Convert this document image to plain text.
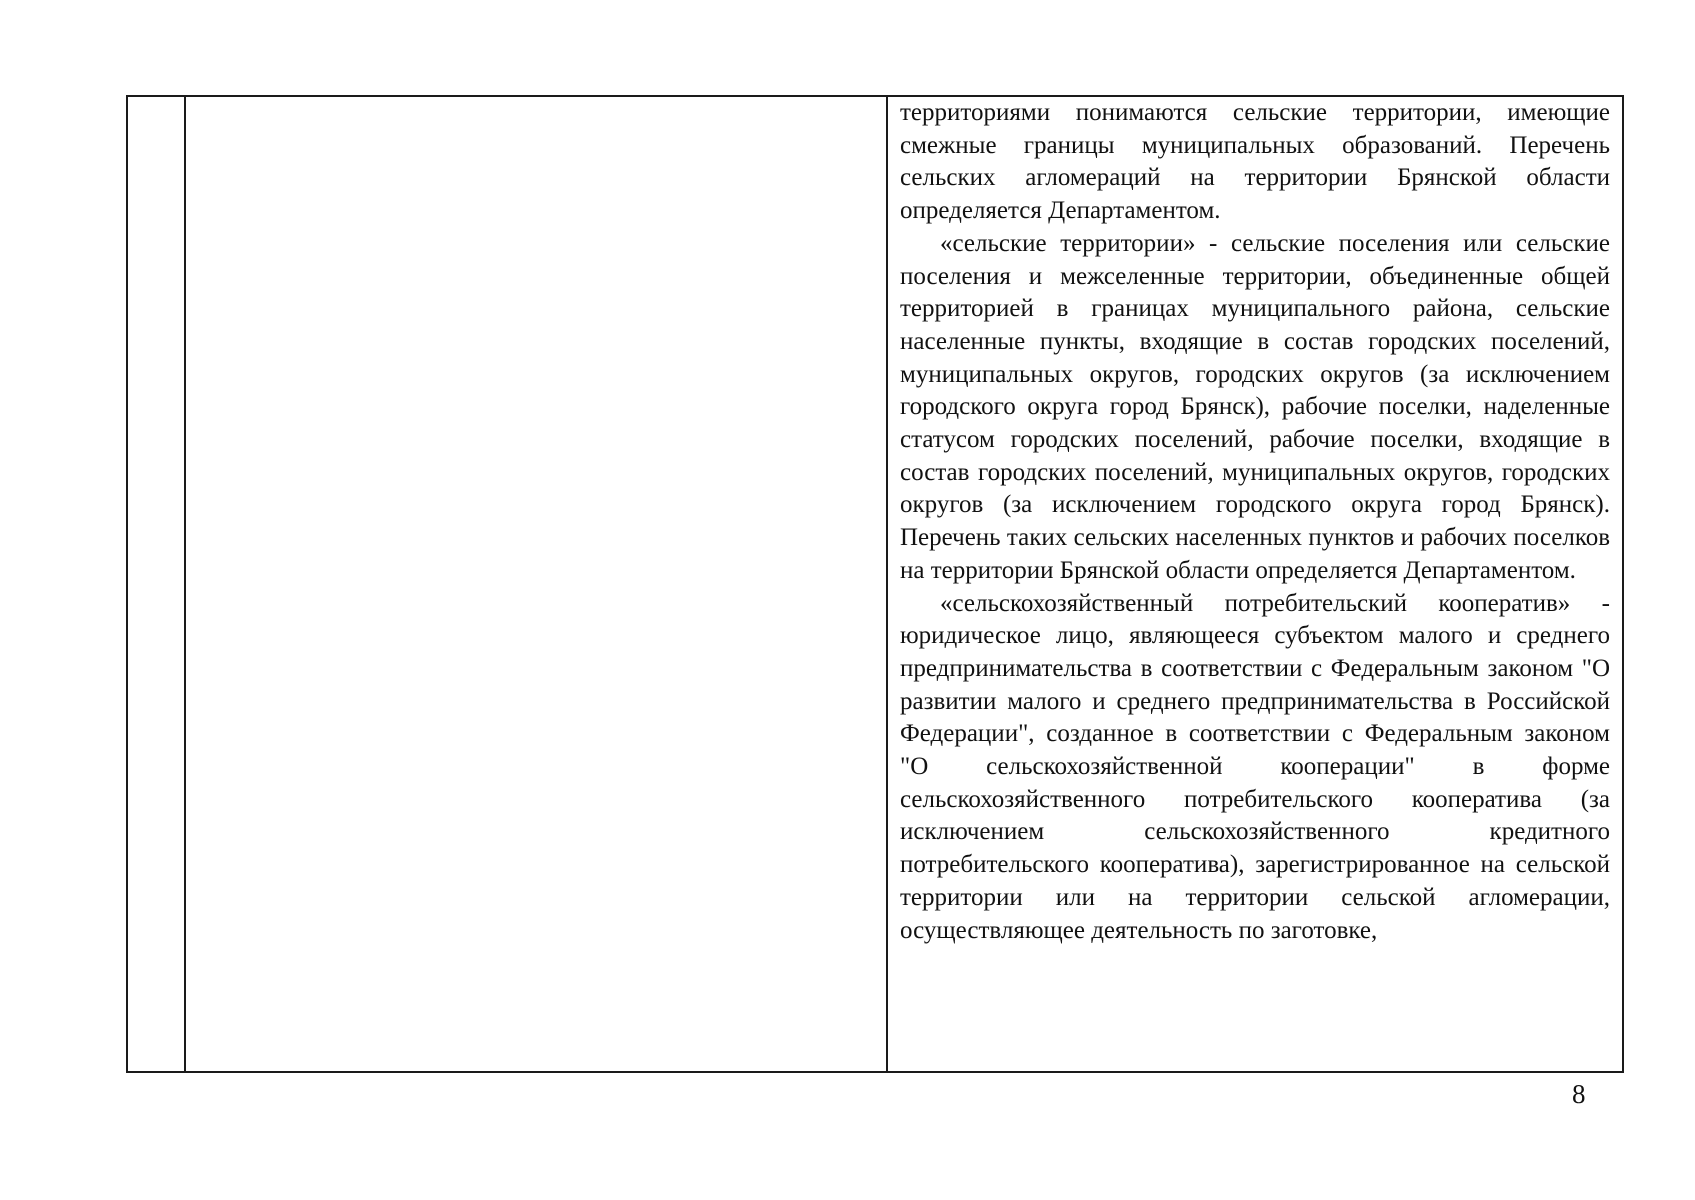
территориями понимаются сельские территории, имеющие смежные границы муниципальных образований. Перечень сельских агломераций на территории Брянской области определяется Департаментом.

«сельские территории» - сельские поселения или сельские поселения и межселенные территории, объединенные общей территорией в границах муниципального района, сельские населенные пункты, входящие в состав городских поселений, муниципальных округов, городских округов (за исключением городского округа город Брянск), рабочие поселки, наделенные статусом городских поселений, рабочие поселки, входящие в состав городских поселений, муниципальных округов, городских округов (за исключением городского округа город Брянск). Перечень таких сельских населенных пунктов и рабочих поселков на территории Брянской области определяется Департаментом.

«сельскохозяйственный потребительский кооператив» - юридическое лицо, являющееся субъектом малого и среднего предпринимательства в соответствии с Федеральным законом "О развитии малого и среднего предпринимательства в Российской Федерации", созданное в соответствии с Федеральным законом "О сельскохозяйственной кооперации" в форме сельскохозяйственного потребительского кооператива (за исключением сельскохозяйственного кредитного потребительского кооператива), зарегистрированное на сельской территории или на территории сельской агломерации, осуществляющее деятельность по заготовке,

8
